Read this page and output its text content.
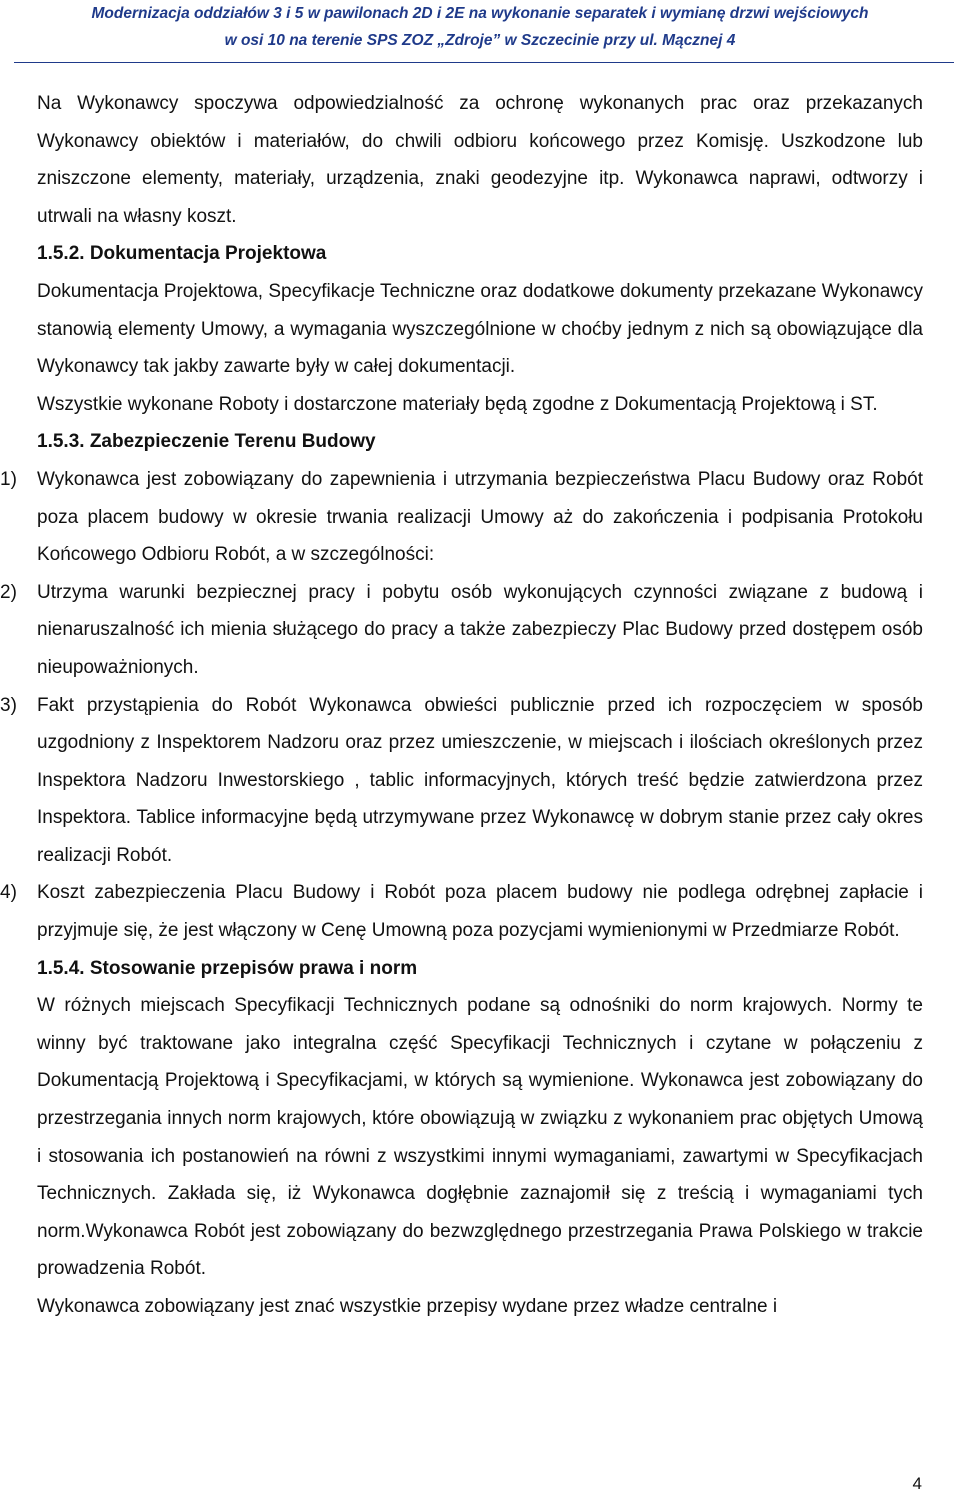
Modernizacja oddziałów 3 i 5 w pawilonach 2D i 2E na wykonanie separatek i wymianę drzwi wejściowych
w osi 10 na terenie SPS ZOZ „Zdroje” w Szczecinie przy ul. Mącznej 4

Na Wykonawcy spoczywa odpowiedzialność za ochronę wykonanych prac oraz przekazanych Wykonawcy obiektów i materiałów, do chwili odbioru końcowego przez Komisję. Uszkodzone lub zniszczone elementy, materiały, urządzenia, znaki geodezyjne itp. Wykonawca naprawi, odtworzy i utrwali na własny koszt.

1.5.2. Dokumentacja Projektowa

Dokumentacja Projektowa, Specyfikacje Techniczne oraz dodatkowe dokumenty przekazane Wykonawcy stanowią elementy Umowy, a wymagania wyszczególnione w choćby jednym z nich są obowiązujące dla Wykonawcy tak jakby zawarte były w całej dokumentacji.

Wszystkie wykonane Roboty i dostarczone materiały będą zgodne z Dokumentacją Projektową i ST.

1.5.3. Zabezpieczenie Terenu Budowy
1) Wykonawca jest zobowiązany do zapewnienia i utrzymania bezpieczeństwa Placu Budowy oraz Robót poza placem budowy w okresie trwania realizacji Umowy aż do zakończenia i podpisania Protokołu Końcowego Odbioru Robót, a w szczególności:
2) Utrzyma warunki bezpiecznej pracy i pobytu osób wykonujących czynności związane z budową i nienaruszalność ich mienia służącego do pracy a także zabezpieczy Plac Budowy przed dostępem osób nieupoważnionych.
3) Fakt przystąpienia do Robót Wykonawca obwieści publicznie przed ich rozpoczęciem w sposób uzgodniony z Inspektorem Nadzoru oraz przez umieszczenie, w miejscach i ilościach określonych przez Inspektora Nadzoru Inwestorskiego , tablic informacyjnych, których treść będzie zatwierdzona przez Inspektora. Tablice informacyjne będą utrzymywane przez Wykonawcę w dobrym stanie przez cały okres realizacji Robót.
4) Koszt zabezpieczenia Placu Budowy i Robót poza placem budowy nie podlega odrębnej zapłacie i przyjmuje się, że jest włączony w Cenę Umowną poza pozycjami wymienionymi w Przedmiarze Robót.
1.5.4. Stosowanie przepisów prawa i norm

W różnych miejscach Specyfikacji Technicznych podane są odnośniki do norm krajowych. Normy te winny być traktowane jako integralna część Specyfikacji Technicznych i czytane w połączeniu z Dokumentacją Projektową i Specyfikacjami, w których są wymienione. Wykonawca jest zobowiązany do przestrzegania innych norm krajowych, które obowiązują w związku z wykonaniem prac objętych Umową i stosowania ich postanowień na równi z wszystkimi innymi wymaganiami, zawartymi w Specyfikacjach Technicznych. Zakłada się, iż Wykonawca dogłębnie zaznajomił się z treścią i wymaganiami tych norm.Wykonawca Robót jest zobowiązany do bezwzględnego przestrzegania Prawa Polskiego w trakcie prowadzenia Robót.

Wykonawca zobowiązany jest znać wszystkie przepisy wydane przez władze centralne i

4
